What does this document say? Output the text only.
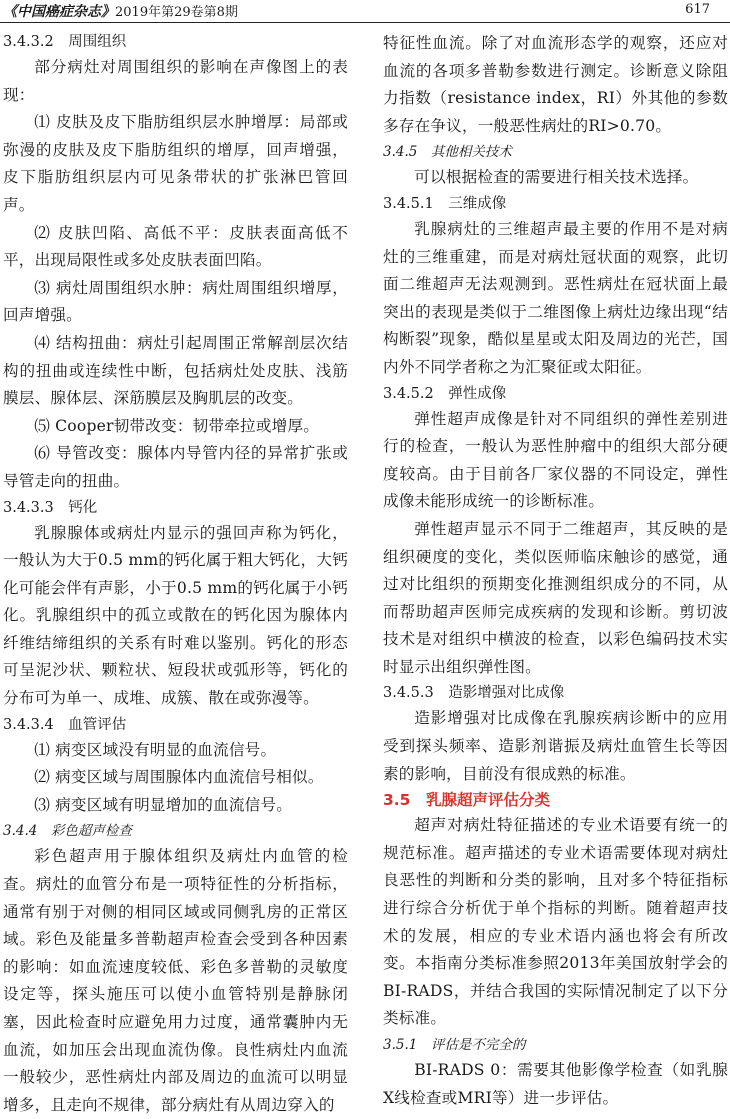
《中国癌症杂志》2019年第29卷第8期	617
3.4.3.2　周围组织

部分病灶对周围组织的影响在声像图上的表现：

⑴ 皮肤及皮下脂肪组织层水肿增厚：局部或弥漫的皮肤及皮下脂肪组织的增厚，回声增强，皮下脂肪组织层内可见条带状的扩张淋巴管回声。

⑵ 皮肤凹陷、高低不平：皮肤表面高低不平，出现局限性或多处皮肤表面凹陷。

⑶ 病灶周围组织水肿：病灶周围组织增厚，回声增强。

⑷ 结构扭曲：病灶引起周围正常解剖层次结构的扭曲或连续性中断，包括病灶处皮肤、浅筋膜层、腺体层、深筋膜层及胸肌层的改变。

⑸ Cooper韧带改变：韧带牵拉或增厚。

⑹ 导管改变：腺体内导管内径的异常扩张或导管走向的扭曲。

3.4.3.3　钙化

乳腺腺体或病灶内显示的强回声称为钙化，一般认为大于0.5 mm的钙化属于粗大钙化，大钙化可能会伴有声影，小于0.5 mm的钙化属于小钙化。乳腺组织中的孤立或散在的钙化因为腺体内纤维结缔组织的关系有时难以鉴别。钙化的形态可呈泥沙状、颗粒状、短段状或弧形等，钙化的分布可为单一、成堆、成簇、散在或弥漫等。

3.4.3.4　血管评估

⑴ 病变区域没有明显的血流信号。

⑵ 病变区域与周围腺体内血流信号相似。

⑶ 病变区域有明显增加的血流信号。

3.4.4　彩色超声检查

彩色超声用于腺体组织及病灶内血管的检查。病灶的血管分布是一项特征性的分析指标，通常有别于对侧的相同区域或同侧乳房的正常区域。彩色及能量多普勒超声检查会受到各种因素的影响：如血流速度较低、彩色多普勒的灵敏度设定等，探头施压可以使小血管特别是静脉闭塞，因此检查时应避免用力过度，通常囊肿内无血流，如加压会出现血流伪像。良性病灶内血流一般较少，恶性病灶内部及周边的血流可以明显增多，且走向不规律，部分病灶有从周边穿入的

特征性血流。除了对血流形态学的观察，还应对血流的各项多普勒参数进行测定。诊断意义除阻力指数（resistance index，RI）外其他的参数多存在争议，一般恶性病灶的RI>0.70。

3.4.5　其他相关技术

可以根据检查的需要进行相关技术选择。

3.4.5.1　三维成像

乳腺病灶的三维超声最主要的作用不是对病灶的三维重建，而是对病灶冠状面的观察，此切面二维超声无法观测到。恶性病灶在冠状面上最突出的表现是类似于二维图像上病灶边缘出现“结构断裂”现象，酷似星星或太阳及周边的光芒，国内外不同学者称之为汇聚征或太阳征。

3.4.5.2　弹性成像

弹性超声成像是针对不同组织的弹性差别进行的检查，一般认为恶性肿瘤中的组织大部分硬度较高。由于目前各厂家仪器的不同设定，弹性成像未能形成统一的诊断标准。

弹性超声显示不同于二维超声，其反映的是组织硬度的变化，类似医师临床触诊的感觉，通过对比组织的预期变化推测组织成分的不同，从而帮助超声医师完成疾病的发现和诊断。剪切波技术是对组织中横波的检查，以彩色编码技术实时显示出组织弹性图。

3.4.5.3　造影增强对比成像

造影增强对比成像在乳腺疾病诊断中的应用受到探头频率、造影剂谐振及病灶血管生长等因素的影响，目前没有很成熟的标准。

3.5　乳腺超声评估分类

超声对病灶特征描述的专业术语要有统一的规范标准。超声描述的专业术语需要体现对病灶良恶性的判断和分类的影响，且对多个特征指标进行综合分析优于单个指标的判断。随着超声技术的发展，相应的专业术语内涵也将会有所改变。本指南分类标准参照2013年美国放射学会的BI-RADS，并结合我国的实际情况制定了以下分类标准。

3.5.1　评估是不完全的

BI-RADS 0：需要其他影像学检查（如乳腺X线检查或MRI等）进一步评估。
